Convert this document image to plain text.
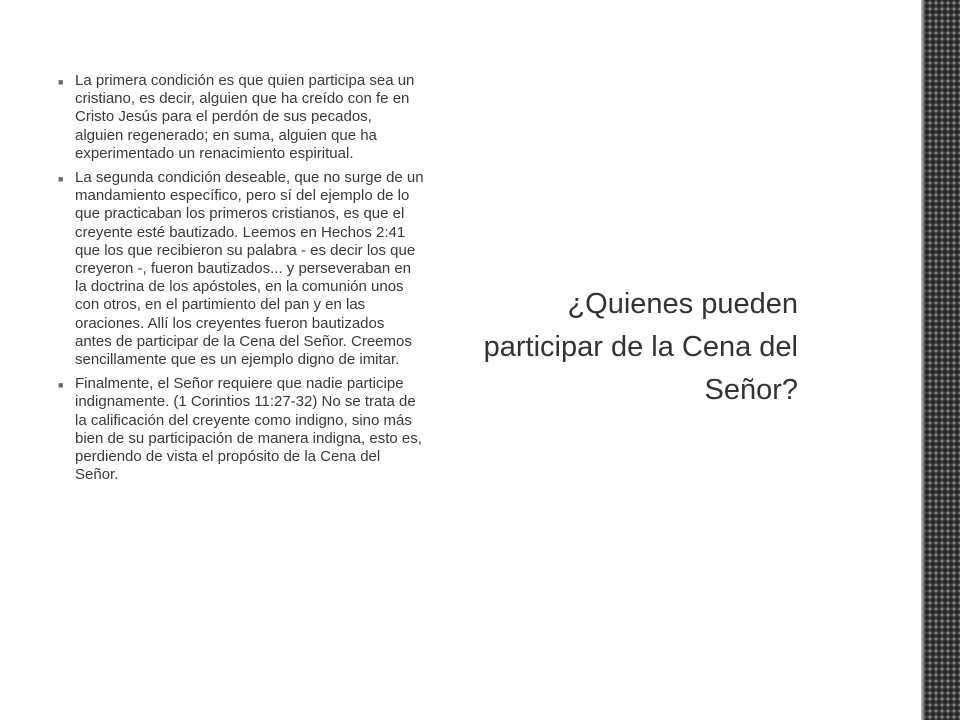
■ La primera condición es que quien participa sea un cristiano, es decir, alguien que ha creído con fe en Cristo Jesús para el perdón de sus pecados, alguien regenerado; en suma, alguien que ha experimentado un renacimiento espiritual.
■ La segunda condición deseable, que no surge de un mandamiento específico, pero sí del ejemplo de lo que practicaban los primeros cristianos, es que el creyente esté bautizado. Leemos en Hechos 2:41 que los que recibieron su palabra - es decir los que creyeron -, fueron bautizados... y perseveraban en la doctrina de los apóstoles, en la comunión unos con otros, en el partimiento del pan y en las oraciones. Allí los creyentes fueron bautizados antes de participar de la Cena del Señor. Creemos sencillamente que es un ejemplo digno de imitar.
■ Finalmente, el Señor requiere que nadie participe indignamente. (1 Corintios 11:27-32) No se trata de la calificación del creyente como indigno, sino más bien de su participación de manera indigna, esto es, perdiendo de vista el propósito de la Cena del Señor.
¿Quienes pueden participar de la Cena del Señor?
